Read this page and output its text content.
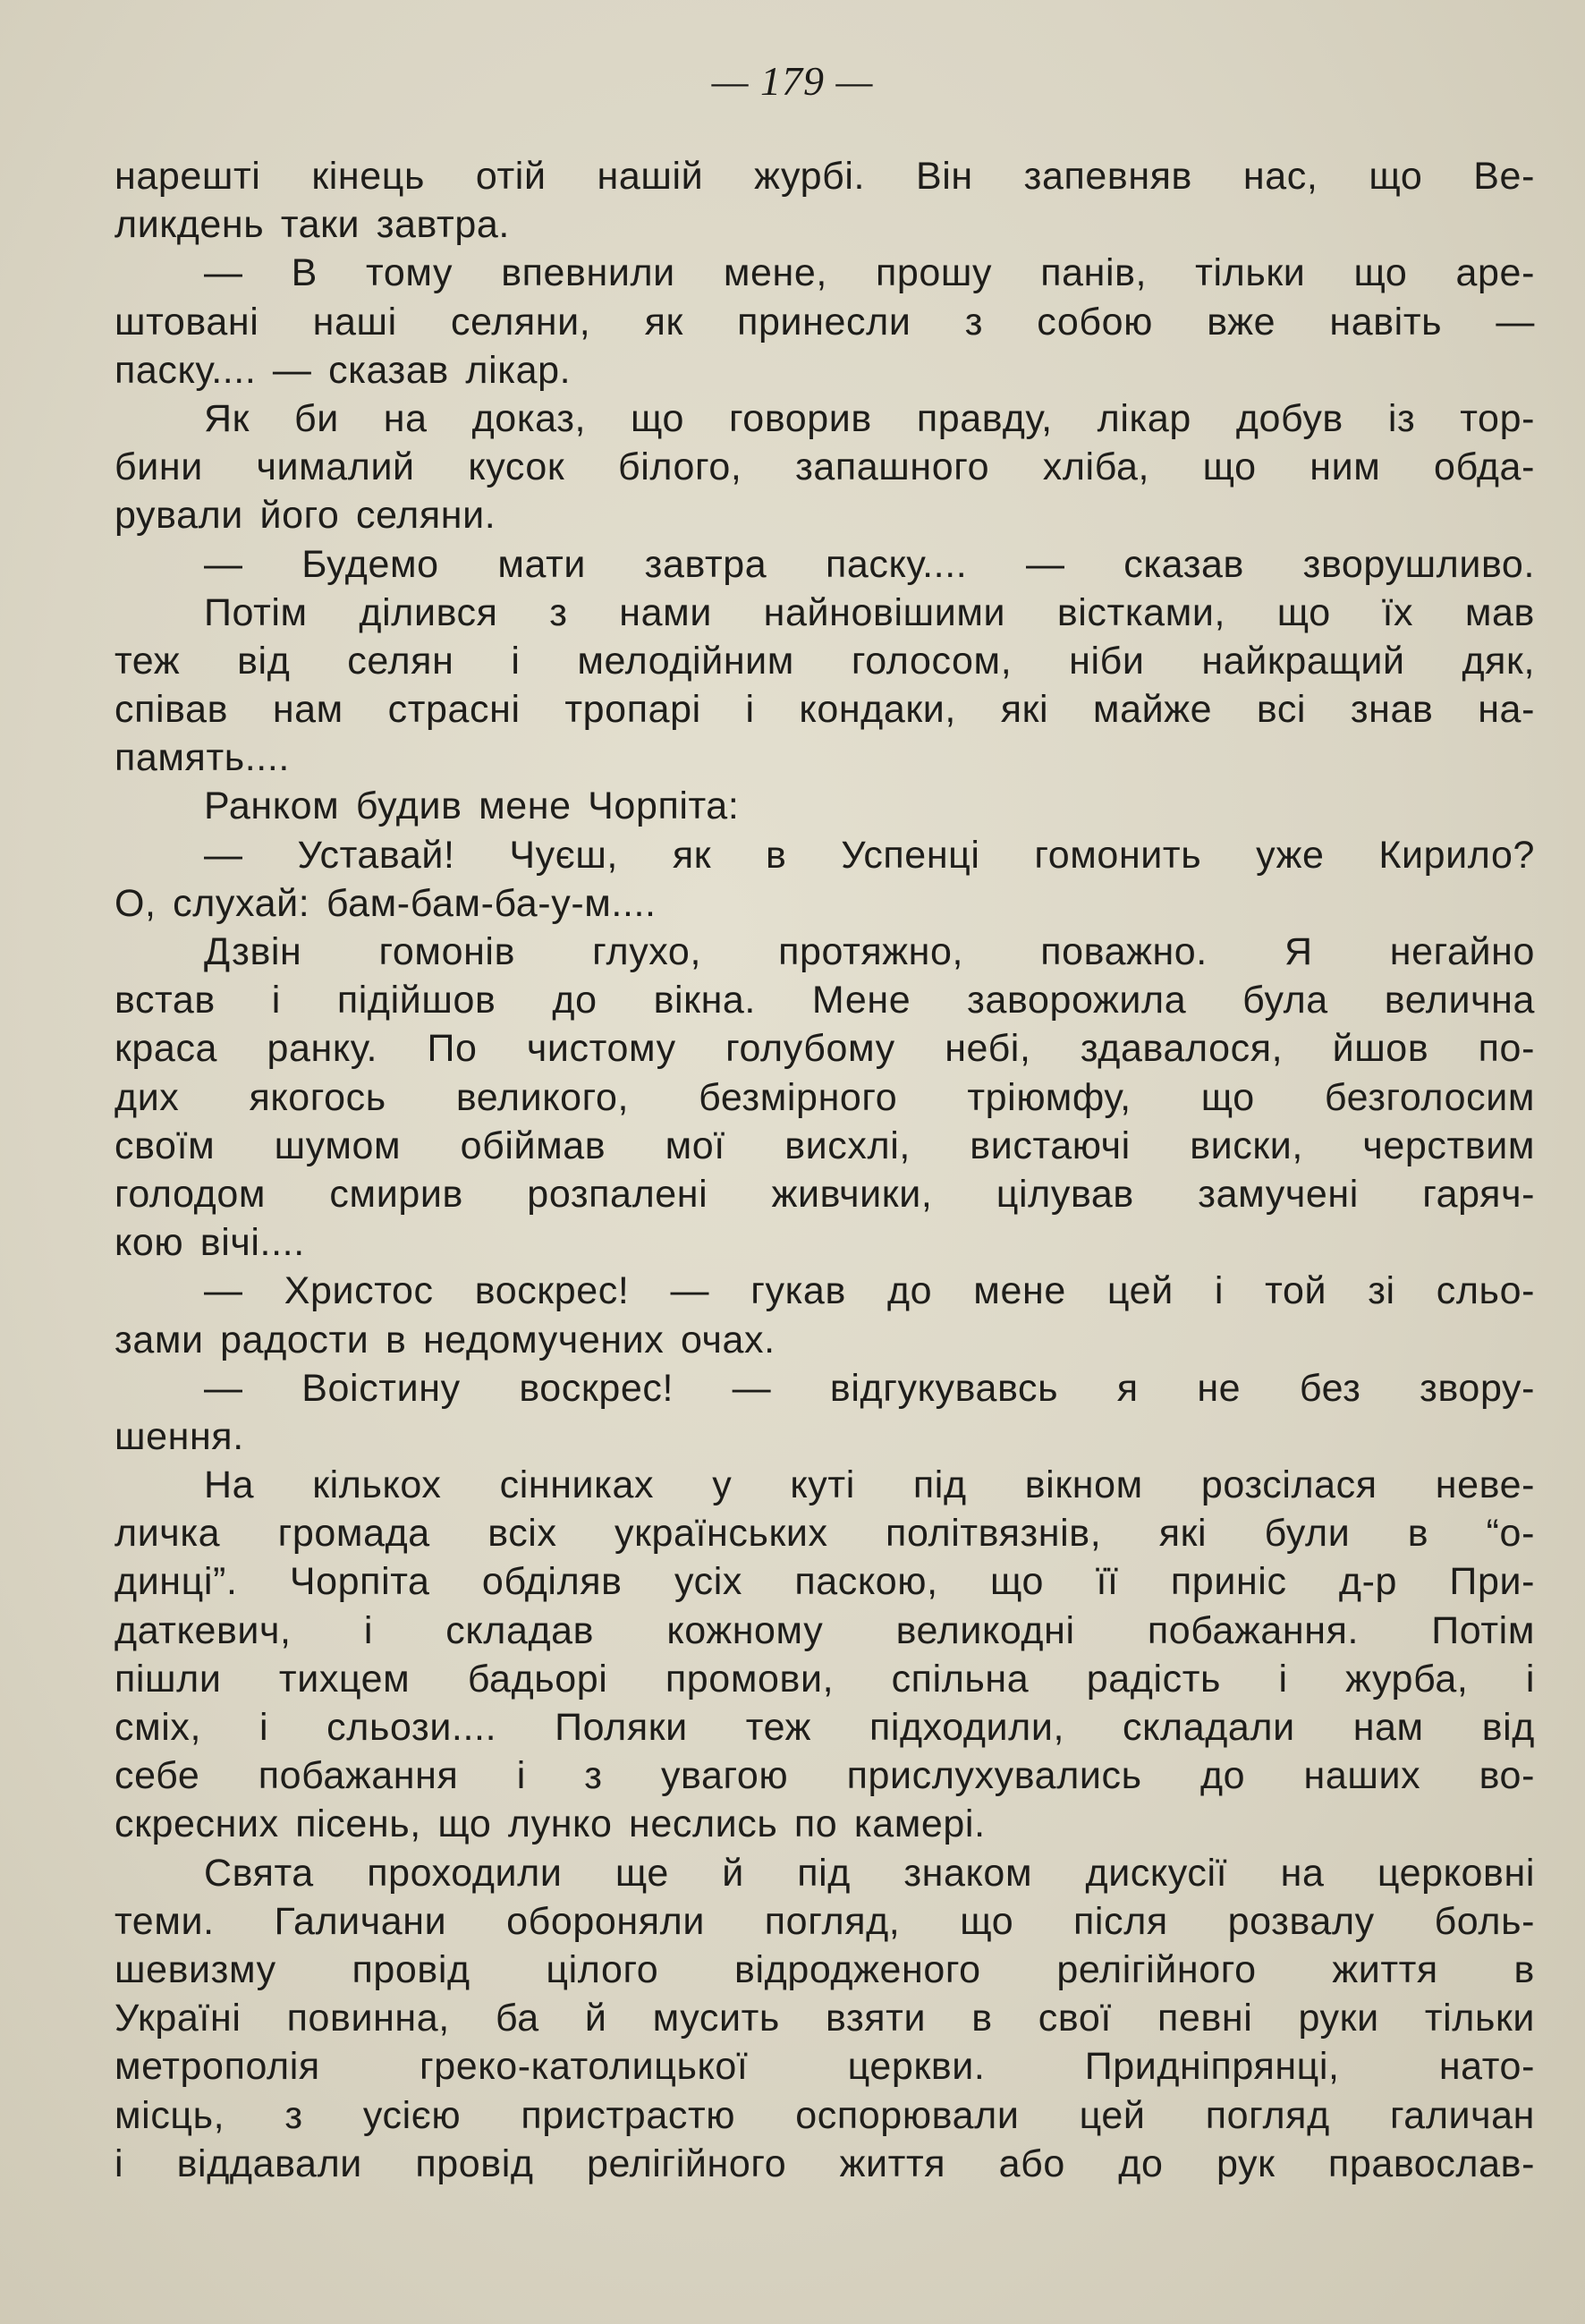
— 179 —
нарешті кінець отій нашій журбі. Він запевняв нас, що Ве-
ликдень таки завтра.
— В тому впевнили мене, прошу панів, тільки що аре-
штовані наші селяни, як принесли з собою вже навіть —
паску.... — сказав лікар.
Як би на доказ, що говорив правду, лікар добув із тор-
бини чималий кусок білого, запашного хліба, що ним обда-
рували його селяни.
— Будемо мати завтра паску.... — сказав зворушливо.
Потім ділився з нами найновішими вістками, що їх мав
теж від селян і мелодійним голосом, ніби найкращий дяк,
співав нам страсні тропарі і кондаки, які майже всі знав на-
память....
Ранком будив мене Чорпіта:
— Уставай! Чуєш, як в Успенці гомонить уже Кирило?
О, слухай: бам-бам-ба-у-м....
Дзвін гомонів глухо, протяжно, поважно. Я негайно
встав і підійшов до вікна. Мене заворожила була велична
краса ранку. По чистому голубому небі, здавалося, йшов по-
дих якогось великого, безмірного тріюмфу, що безголосим
своїм шумом обіймав мої висхлі, вистаючі виски, черствим
голодом смирив розпалені живчики, цілував замучені гаряч-
кою вічі....
— Христос воскрес! — гукав до мене цей і той зі сльо-
зами радости в недомучених очах.
— Воістину воскрес! — відгукувавсь я не без звору-
шення.
На кількох сінниках у куті під вікном розсілася неве-
личка громада всіх українських політвязнів, які були в “о-
динці”. Чорпіта обділяв усіх паскою, що її приніс д-р При-
даткевич, і складав кожному великодні побажання. Потім
пішли тихцем бадьорі промови, спільна радість і журба, і
сміх, і сльози.... Поляки теж підходили, складали нам від
себе побажання і з увагою прислухувались до наших во-
скресних пісень, що лунко неслись по камері.
Свята проходили ще й під знаком дискусії на церковні
теми. Галичани обороняли погляд, що після розвалу боль-
шевизму провід цілого відродженого релігійного життя в
Україні повинна, ба й мусить взяти в свої певні руки тільки
метрополія греко-католицької церкви. Придніпрянці, нато-
місць, з усією пристрастю оспорювали цей погляд галичан
і віддавали провід релігійного життя або до рук православ-
